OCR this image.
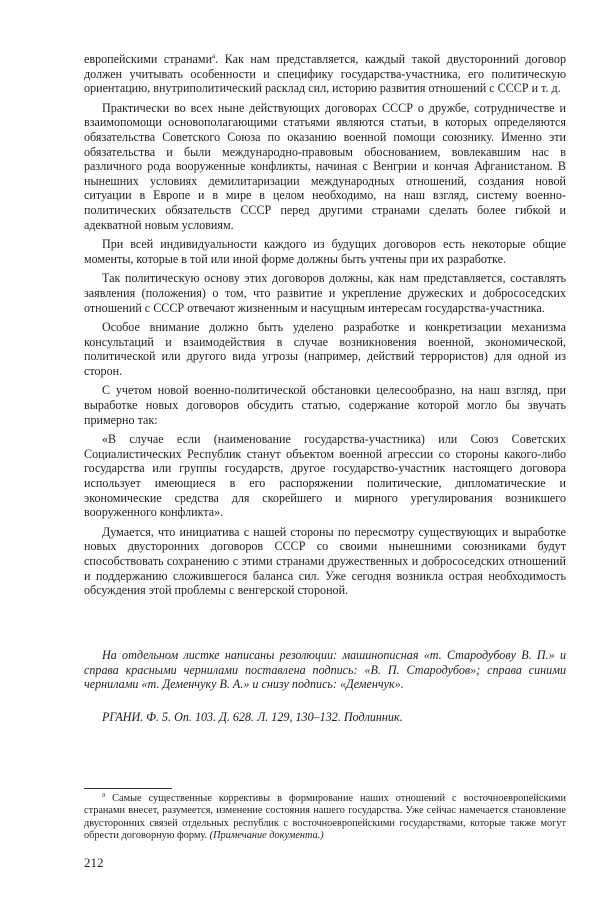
европейскими странами$^а$. Как нам представляется, каждый такой двусторонний договор должен учитывать особенности и специфику государства-участника, его политическую ориентацию, внутриполитический расклад сил, историю развития отношений с СССР и т. д.

Практически во всех ныне действующих договорах СССР о дружбе, сотрудничестве и взаимопомощи основополагающими статьями являются статьи, в которых определяются обязательства Советского Союза по оказанию военной помощи союзнику. Именно эти обязательства и были международно-правовым обоснованием, вовлекавшим нас в различного рода вооруженные конфликты, начиная с Венгрии и кончая Афганистаном. В нынешних условиях демилитаризации международных отношений, создания новой ситуации в Европе и в мире в целом необходимо, на наш взгляд, систему военно-политических обязательств СССР перед другими странами сделать более гибкой и адекватной новым условиям.

При всей индивидуальности каждого из будущих договоров есть некоторые общие моменты, которые в той или иной форме должны быть учтены при их разработке.

Так политическую основу этих договоров должны, как нам представляется, составлять заявления (положения) о том, что развитие и укрепление дружеских и добрососедских отношений с СССР отвечают жизненным и насущным интересам государства-участника.

Особое внимание должно быть уделено разработке и конкретизации механизма консультаций и взаимодействия в случае возникновения военной, экономической, политической или другого вида угрозы (например, действий террористов) для одной из сторон.

С учетом новой военно-политической обстановки целесообразно, на наш взгляд, при выработке новых договоров обсудить статью, содержание которой могло бы звучать примерно так:

«В случае если (наименование государства-участника) или Союз Советских Социалистических Республик станут объектом военной агрессии со стороны какого-либо государства или группы государств, другое государство-участник настоящего договора использует имеющиеся в его распоряжении политические, дипломатические и экономические средства для скорейшего и мирного урегулирования возникшего вооруженного конфликта».

Думается, что инициатива с нашей стороны по пересмотру существующих и выработке новых двусторонних договоров СССР со своими нынешними союзниками будут способствовать сохранению с этими странами дружественных и добрососедских отношений и поддержанию сложившегося баланса сил. Уже сегодня возникла острая необходимость обсуждения этой проблемы с венгерской стороной.

На отдельном листке написаны резолюции: машинописная «т. Стародубову В. П.» и справа красными чернилами поставлена подпись: «В. П. Стародубов»; справа синими чернилами «т. Деменчуку В. А.» и снизу подпись: «Деменчук».

РГАНИ. Ф. 5. Оп. 103. Д. 628. Л. 129, 130–132. Подлинник.

$^а$ Самые существенные коррективы в формирование наших отношений с восточноевропейскими странами внесет, разумеется, изменение состояния нашего государства. Уже сейчас намечается становление двусторонних связей отдельных республик с восточноевропейскими государствами, которые также могут обрести договорную форму. (Примечание документа.)

212
